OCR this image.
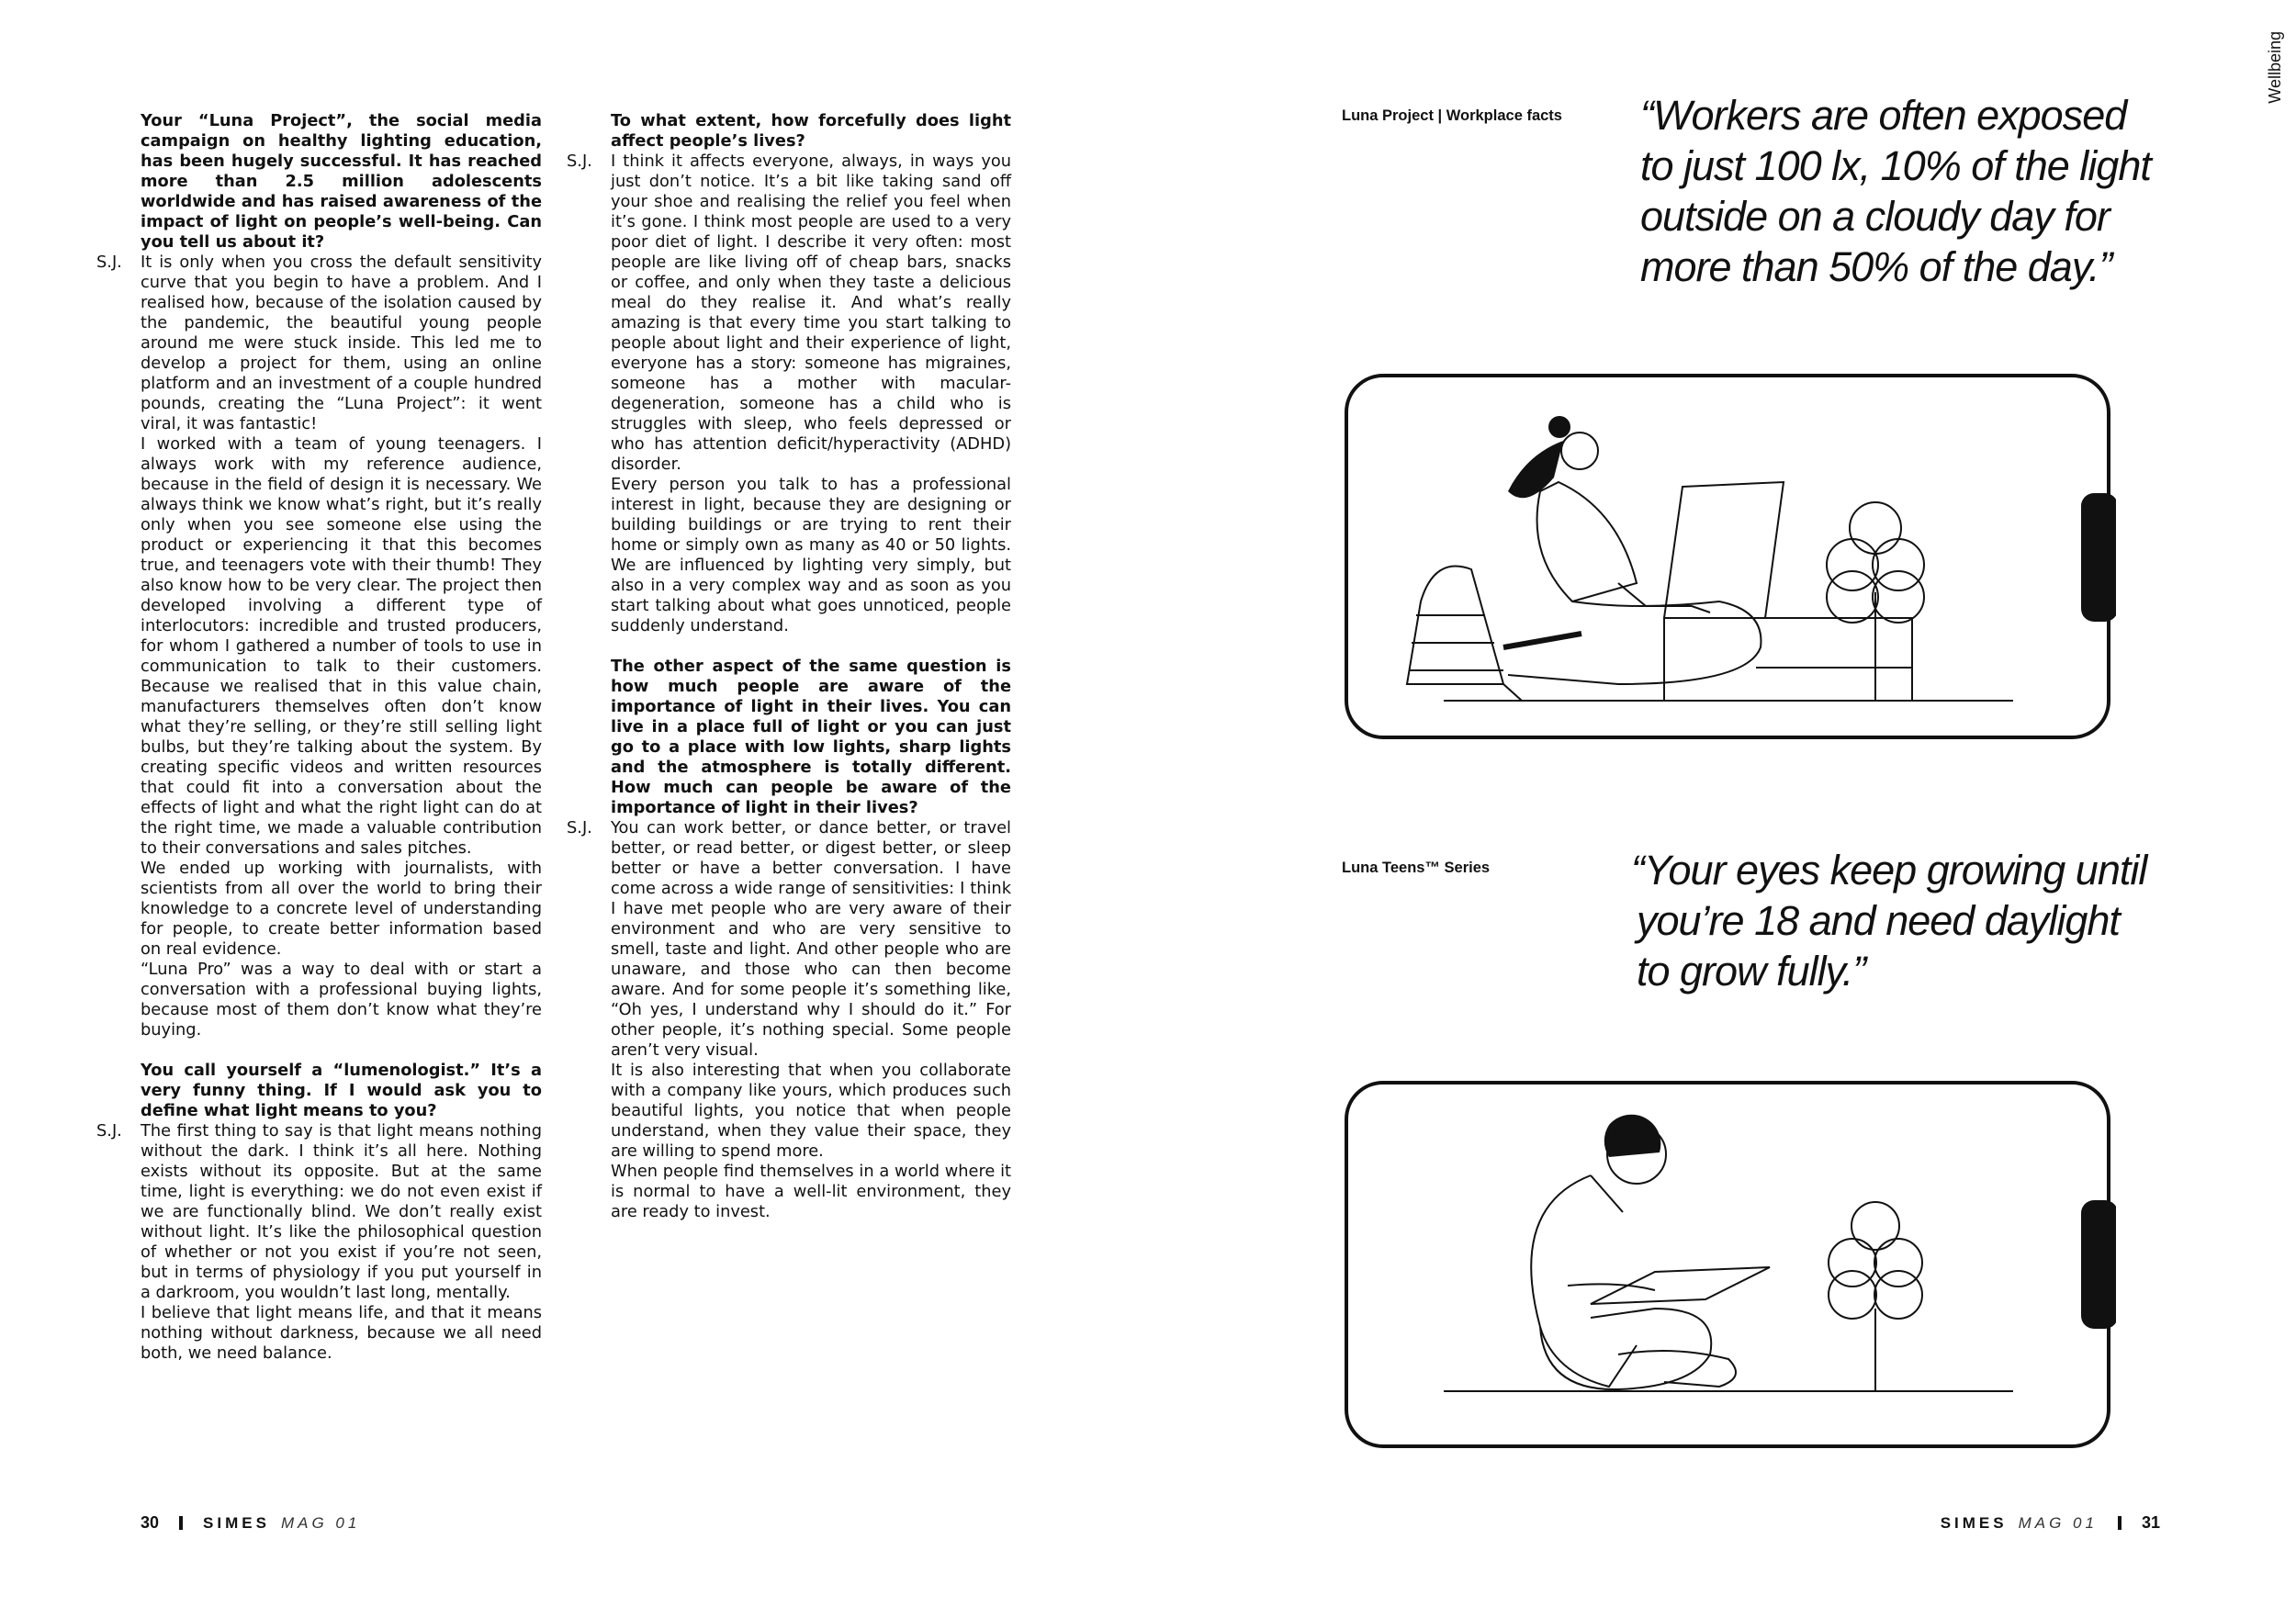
Your “Luna Project”, the social media campaign on healthy lighting education, has been hugely successful. It has reached more than 2.5 million adolescents worldwide and has raised awareness of the impact of light on people’s well-being. Can you tell us about it?

S.J. It is only when you cross the default sensitivity curve that you begin to have a problem. And I realised how, because of the isolation caused by the pandemic, the beautiful young people around me were stuck inside. This led me to develop a project for them, using an online platform and an investment of a couple hundred pounds, creating the “Luna Project”: it went viral, it was fantastic!

I worked with a team of young teenagers. I always work with my reference audience, because in the field of design it is necessary. We always think we know what’s right, but it’s really only when you see someone else using the product or experiencing it that this becomes true, and teenagers vote with their thumb! They also know how to be very clear. The project then developed involving a different type of interlocutors: incredible and trusted producers, for whom I gathered a number of tools to use in communication to talk to their customers. Because we realised that in this value chain, manufacturers themselves often don’t know what they’re selling, or they’re still selling light bulbs, but they’re talking about the system. By creating specific videos and written resources that could fit into a conversation about the effects of light and what the right light can do at the right time, we made a valuable contribution to their conversations and sales pitches.

We ended up working with journalists, with scientists from all over the world to bring their knowledge to a concrete level of understanding for people, to create better information based on real evidence.

“Luna Pro” was a way to deal with or start a conversation with a professional buying lights, because most of them don’t know what they’re buying.

You call yourself a “lumenologist.” It’s a very funny thing. If I would ask you to define what light means to you?

S.J. The first thing to say is that light means nothing without the dark. I think it’s all here. Nothing exists without its opposite. But at the same time, light is everything: we do not even exist if we are functionally blind. We don’t really exist without light. It’s like the philosophical question of whether or not you exist if you’re not seen, but in terms of physiology if you put yourself in a darkroom, you wouldn’t last long, mentally.

I believe that light means life, and that it means nothing without darkness, because we all need both, we need balance.

To what extent, how forcefully does light affect people’s lives?

S.J. I think it affects everyone, always, in ways you just don’t notice. It’s a bit like taking sand off your shoe and realising the relief you feel when it’s gone. I think most people are used to a very poor diet of light. I describe it very often: most people are like living off of cheap bars, snacks or coffee, and only when they taste a delicious meal do they realise it. And what’s really amazing is that every time you start talking to people about light and their experience of light, everyone has a story: someone has migraines, someone has a mother with macular-degeneration, someone has a child who is struggles with sleep, who feels depressed or who has attention deficit/hyperactivity (ADHD) disorder.

Every person you talk to has a professional interest in light, because they are designing or building buildings or are trying to rent their home or simply own as many as 40 or 50 lights. We are influenced by lighting very simply, but also in a very complex way and as soon as you start talking about what goes unnoticed, people suddenly understand.

The other aspect of the same question is how much people are aware of the importance of light in their lives. You can live in a place full of light or you can just go to a place with low lights, sharp lights and the atmosphere is totally different. How much can people be aware of the importance of light in their lives?

S.J. You can work better, or dance better, or travel better, or read better, or digest better, or sleep better or have a better conversation. I have come across a wide range of sensitivities: I think I have met people who are very aware of their environment and who are very sensitive to smell, taste and light. And other people who are unaware, and those who can then become aware. And for some people it’s something like, “Oh yes, I understand why I should do it.” For other people, it’s nothing special. Some people aren’t very visual.

It is also interesting that when you collaborate with a company like yours, which produces such beautiful lights, you notice that when people understand, when they value their space, they are willing to spend more.

When people find themselves in a world where it is normal to have a well-lit environment, they are ready to invest.

30	SIMES MAG 01
Wellbeing
Luna Project | Workplace facts “Workers are often exposed
to just 100 lx, 10% of the light
outside on a cloudy day for
more than 50% of the day.”
Luna Teens™ Series	“Your eyes keep growing until
you’re 18 and need daylight
to grow fully.”
SIMES MAG 01	31
